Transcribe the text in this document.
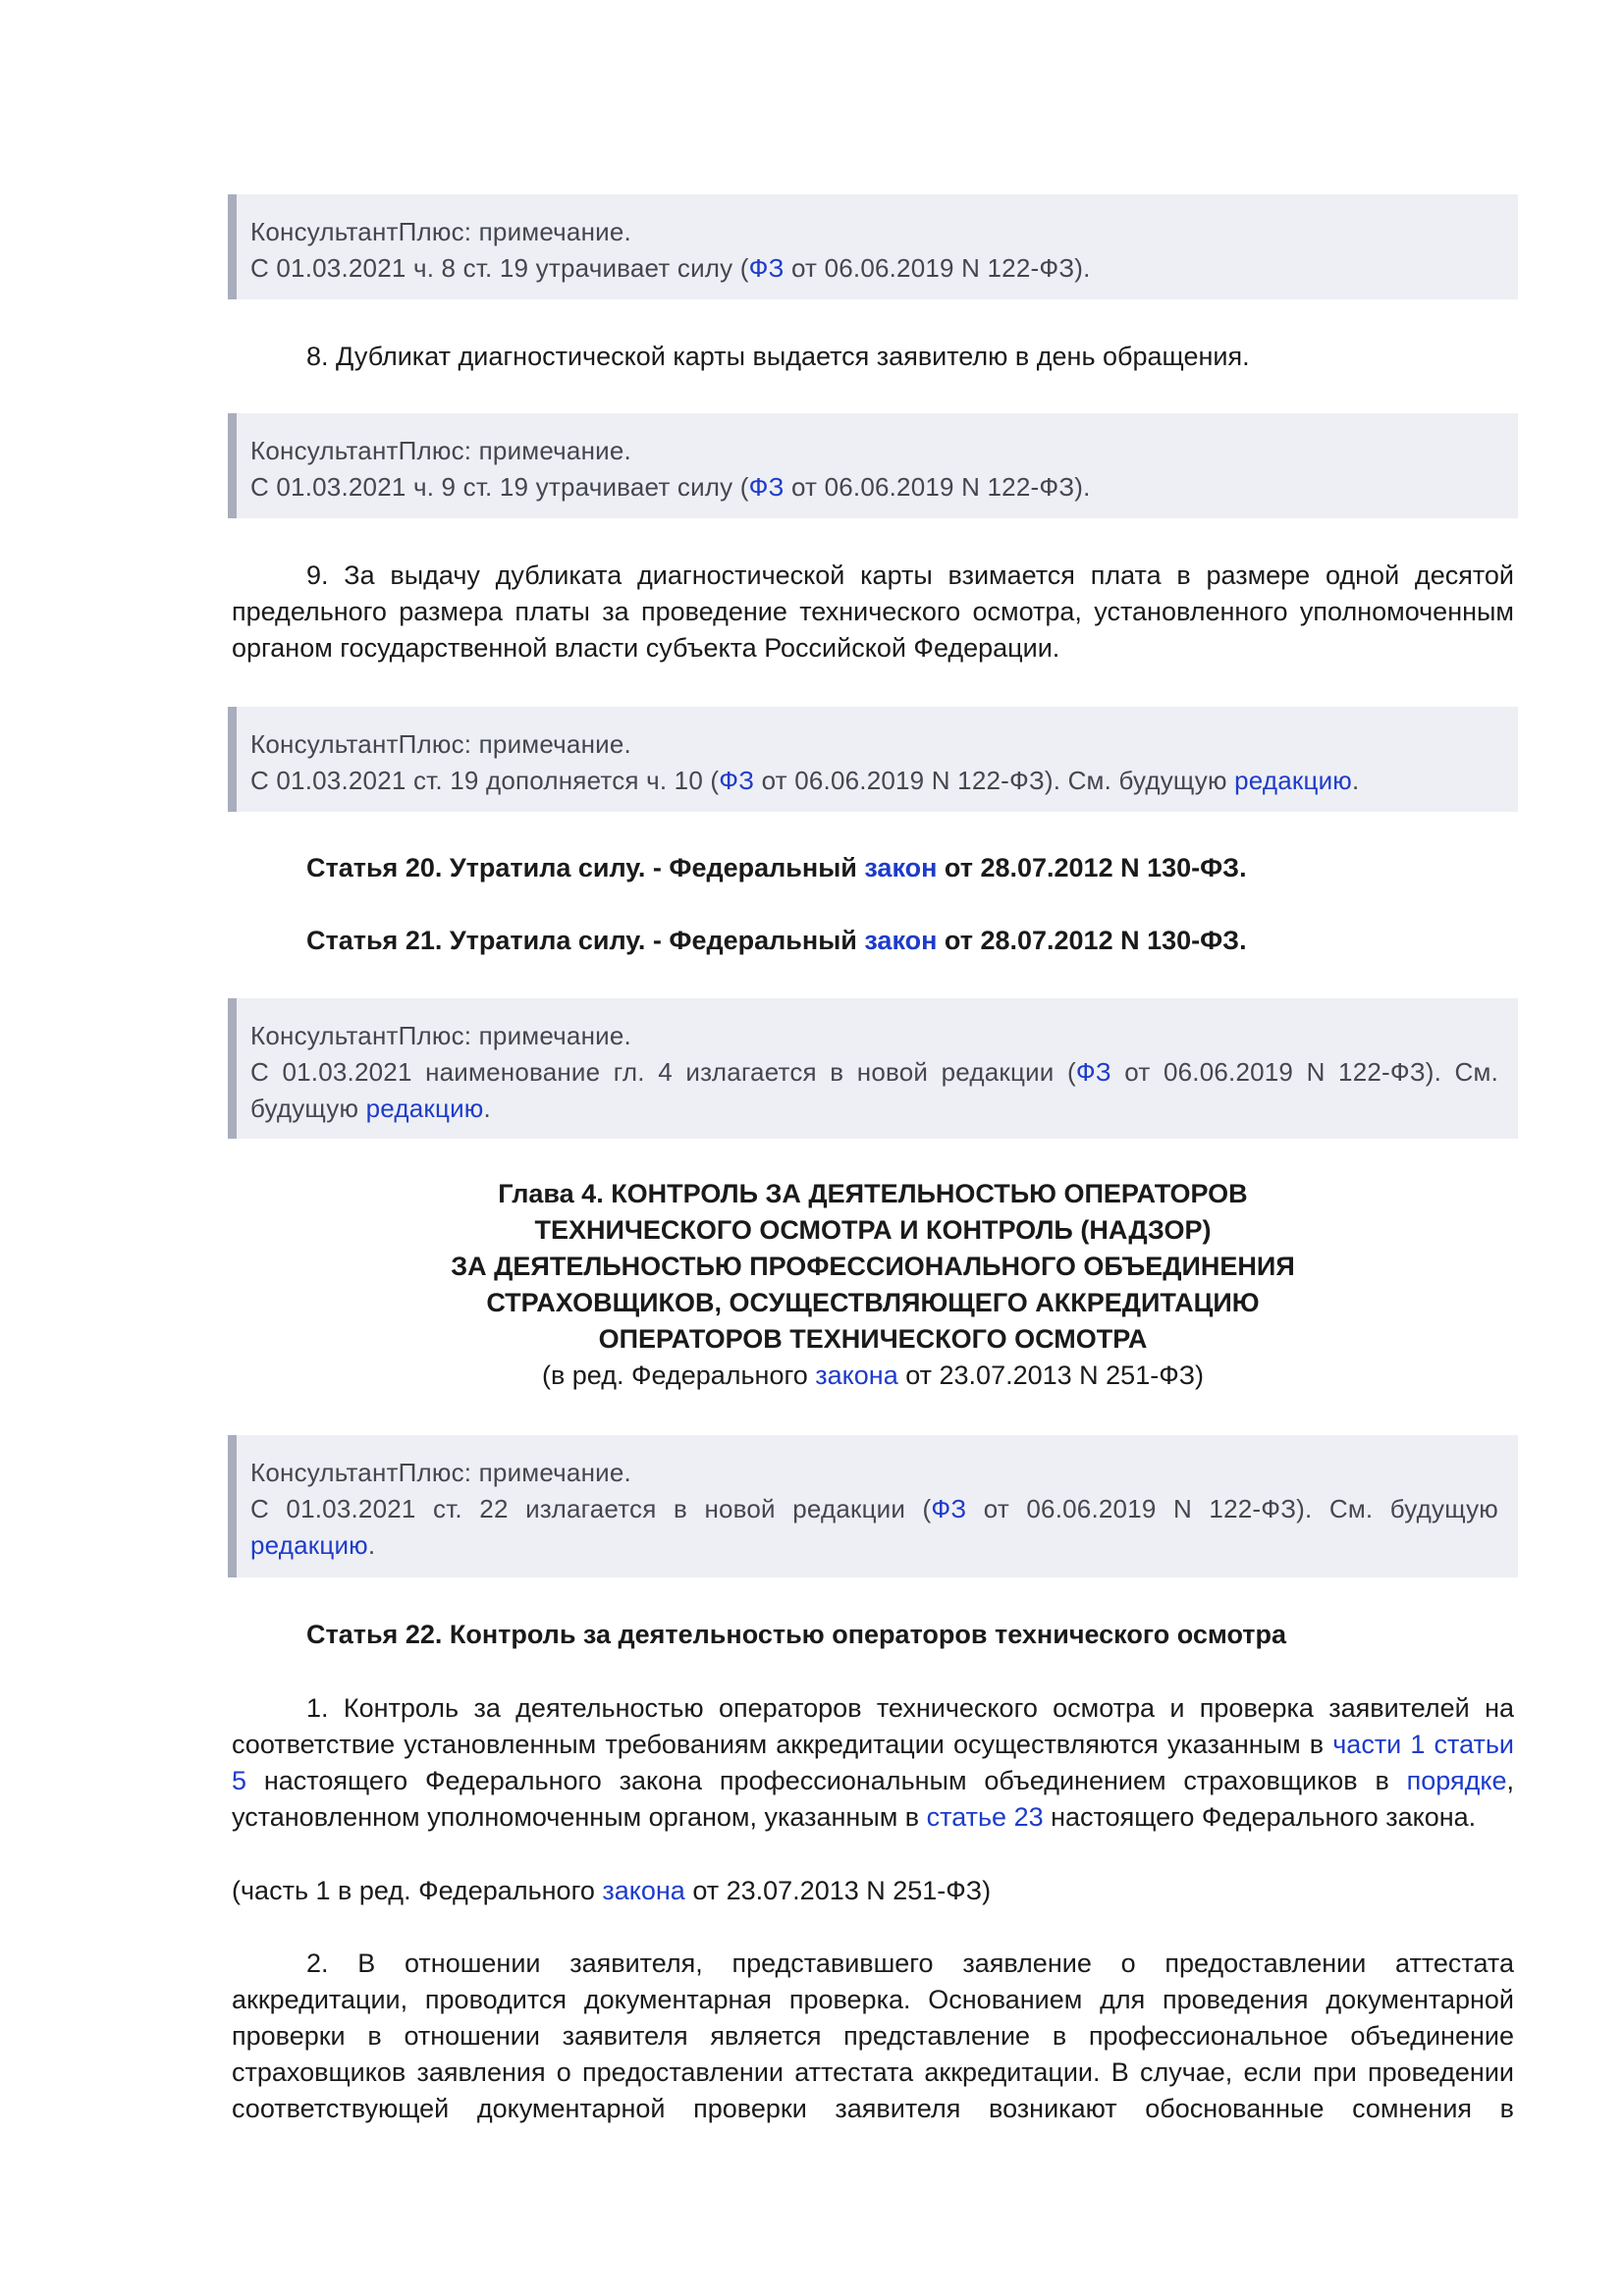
КонсультантПлюс: примечание.
С 01.03.2021 ч. 8 ст. 19 утрачивает силу (ФЗ от 06.06.2019 N 122-ФЗ).
8. Дубликат диагностической карты выдается заявителю в день обращения.
КонсультантПлюс: примечание.
С 01.03.2021 ч. 9 ст. 19 утрачивает силу (ФЗ от 06.06.2019 N 122-ФЗ).
9. За выдачу дубликата диагностической карты взимается плата в размере одной десятой предельного размера платы за проведение технического осмотра, установленного уполномоченным органом государственной власти субъекта Российской Федерации.
КонсультантПлюс: примечание.
С 01.03.2021 ст. 19 дополняется ч. 10 (ФЗ от 06.06.2019 N 122-ФЗ). См. будущую редакцию.
Статья 20. Утратила силу. - Федеральный закон от 28.07.2012 N 130-ФЗ.
Статья 21. Утратила силу. - Федеральный закон от 28.07.2012 N 130-ФЗ.
КонсультантПлюс: примечание.
С 01.03.2021 наименование гл. 4 излагается в новой редакции (ФЗ от 06.06.2019 N 122-ФЗ). См.
будущую редакцию.
Глава 4. КОНТРОЛЬ ЗА ДЕЯТЕЛЬНОСТЬЮ ОПЕРАТОРОВ
ТЕХНИЧЕСКОГО ОСМОТРА И КОНТРОЛЬ (НАДЗОР)
ЗА ДЕЯТЕЛЬНОСТЬЮ ПРОФЕССИОНАЛЬНОГО ОБЪЕДИНЕНИЯ
СТРАХОВЩИКОВ, ОСУЩЕСТВЛЯЮЩЕГО АККРЕДИТАЦИЮ
ОПЕРАТОРОВ ТЕХНИЧЕСКОГО ОСМОТРА
(в ред. Федерального закона от 23.07.2013 N 251-ФЗ)
КонсультантПлюс: примечание.
С 01.03.2021 ст. 22 излагается в новой редакции (ФЗ от 06.06.2019 N 122-ФЗ). См. будущую
редакцию.
Статья 22. Контроль за деятельностью операторов технического осмотра
1. Контроль за деятельностью операторов технического осмотра и проверка заявителей на соответствие установленным требованиям аккредитации осуществляются указанным в части 1 статьи 5 настоящего Федерального закона профессиональным объединением страховщиков в порядке, установленном уполномоченным органом, указанным в статье 23 настоящего Федерального закона.
(часть 1 в ред. Федерального закона от 23.07.2013 N 251-ФЗ)
2. В отношении заявителя, представившего заявление о предоставлении аттестата аккредитации, проводится документарная проверка. Основанием для проведения документарной проверки в отношении заявителя является представление в профессиональное объединение страховщиков заявления о предоставлении аттестата аккредитации. В случае, если при проведении соответствующей документарной проверки заявителя возникают обоснованные сомнения в
